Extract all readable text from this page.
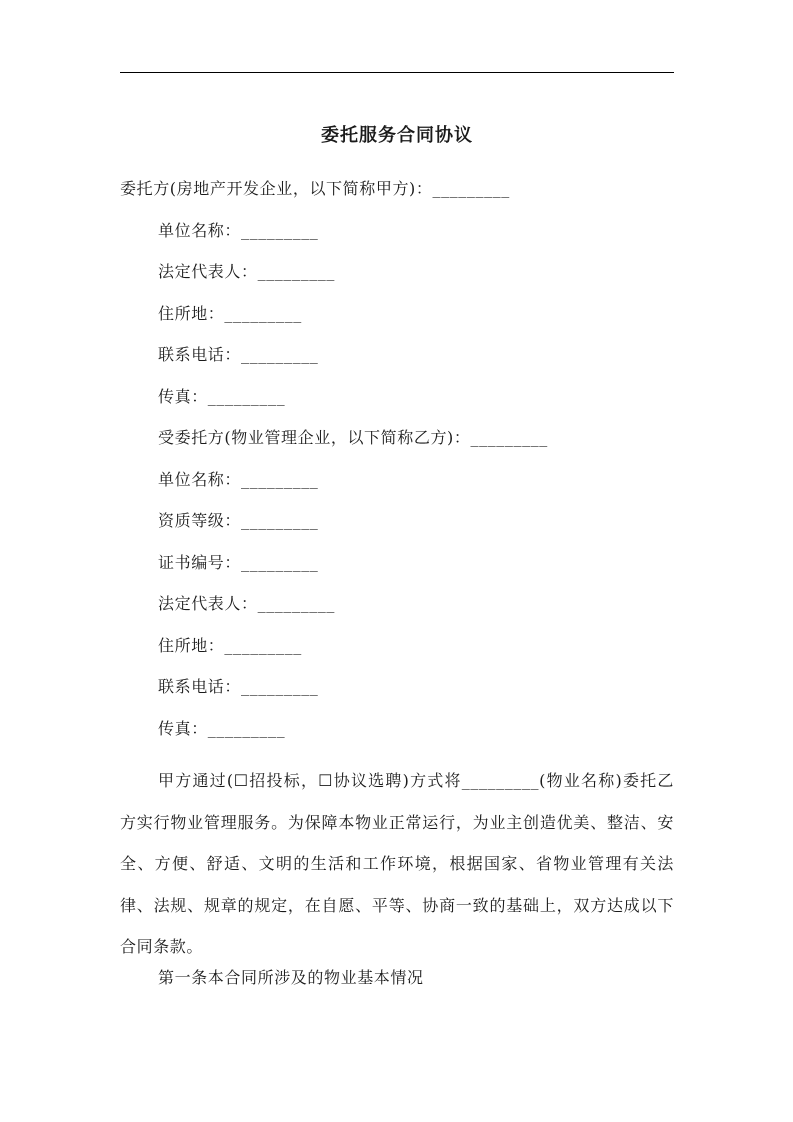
委托服务合同协议
委托方(房地产开发企业，以下简称甲方)：_________
单位名称：_________
法定代表人：_________
住所地：_________
联系电话：_________
传真：_________
受委托方(物业管理企业，以下简称乙方)：_________
单位名称：_________
资质等级：_________
证书编号：_________
法定代表人：_________
住所地：_________
联系电话：_________
传真：_________
甲方通过(☐招投标，☐协议选聘)方式将_________(物业名称)委托乙方实行物业管理服务。为保障本物业正常运行，为业主创造优美、整洁、安全、方便、舒适、文明的生活和工作环境，根据国家、省物业管理有关法律、法规、规章的规定，在自愿、平等、协商一致的基础上，双方达成以下合同条款。
第一条本合同所涉及的物业基本情况
